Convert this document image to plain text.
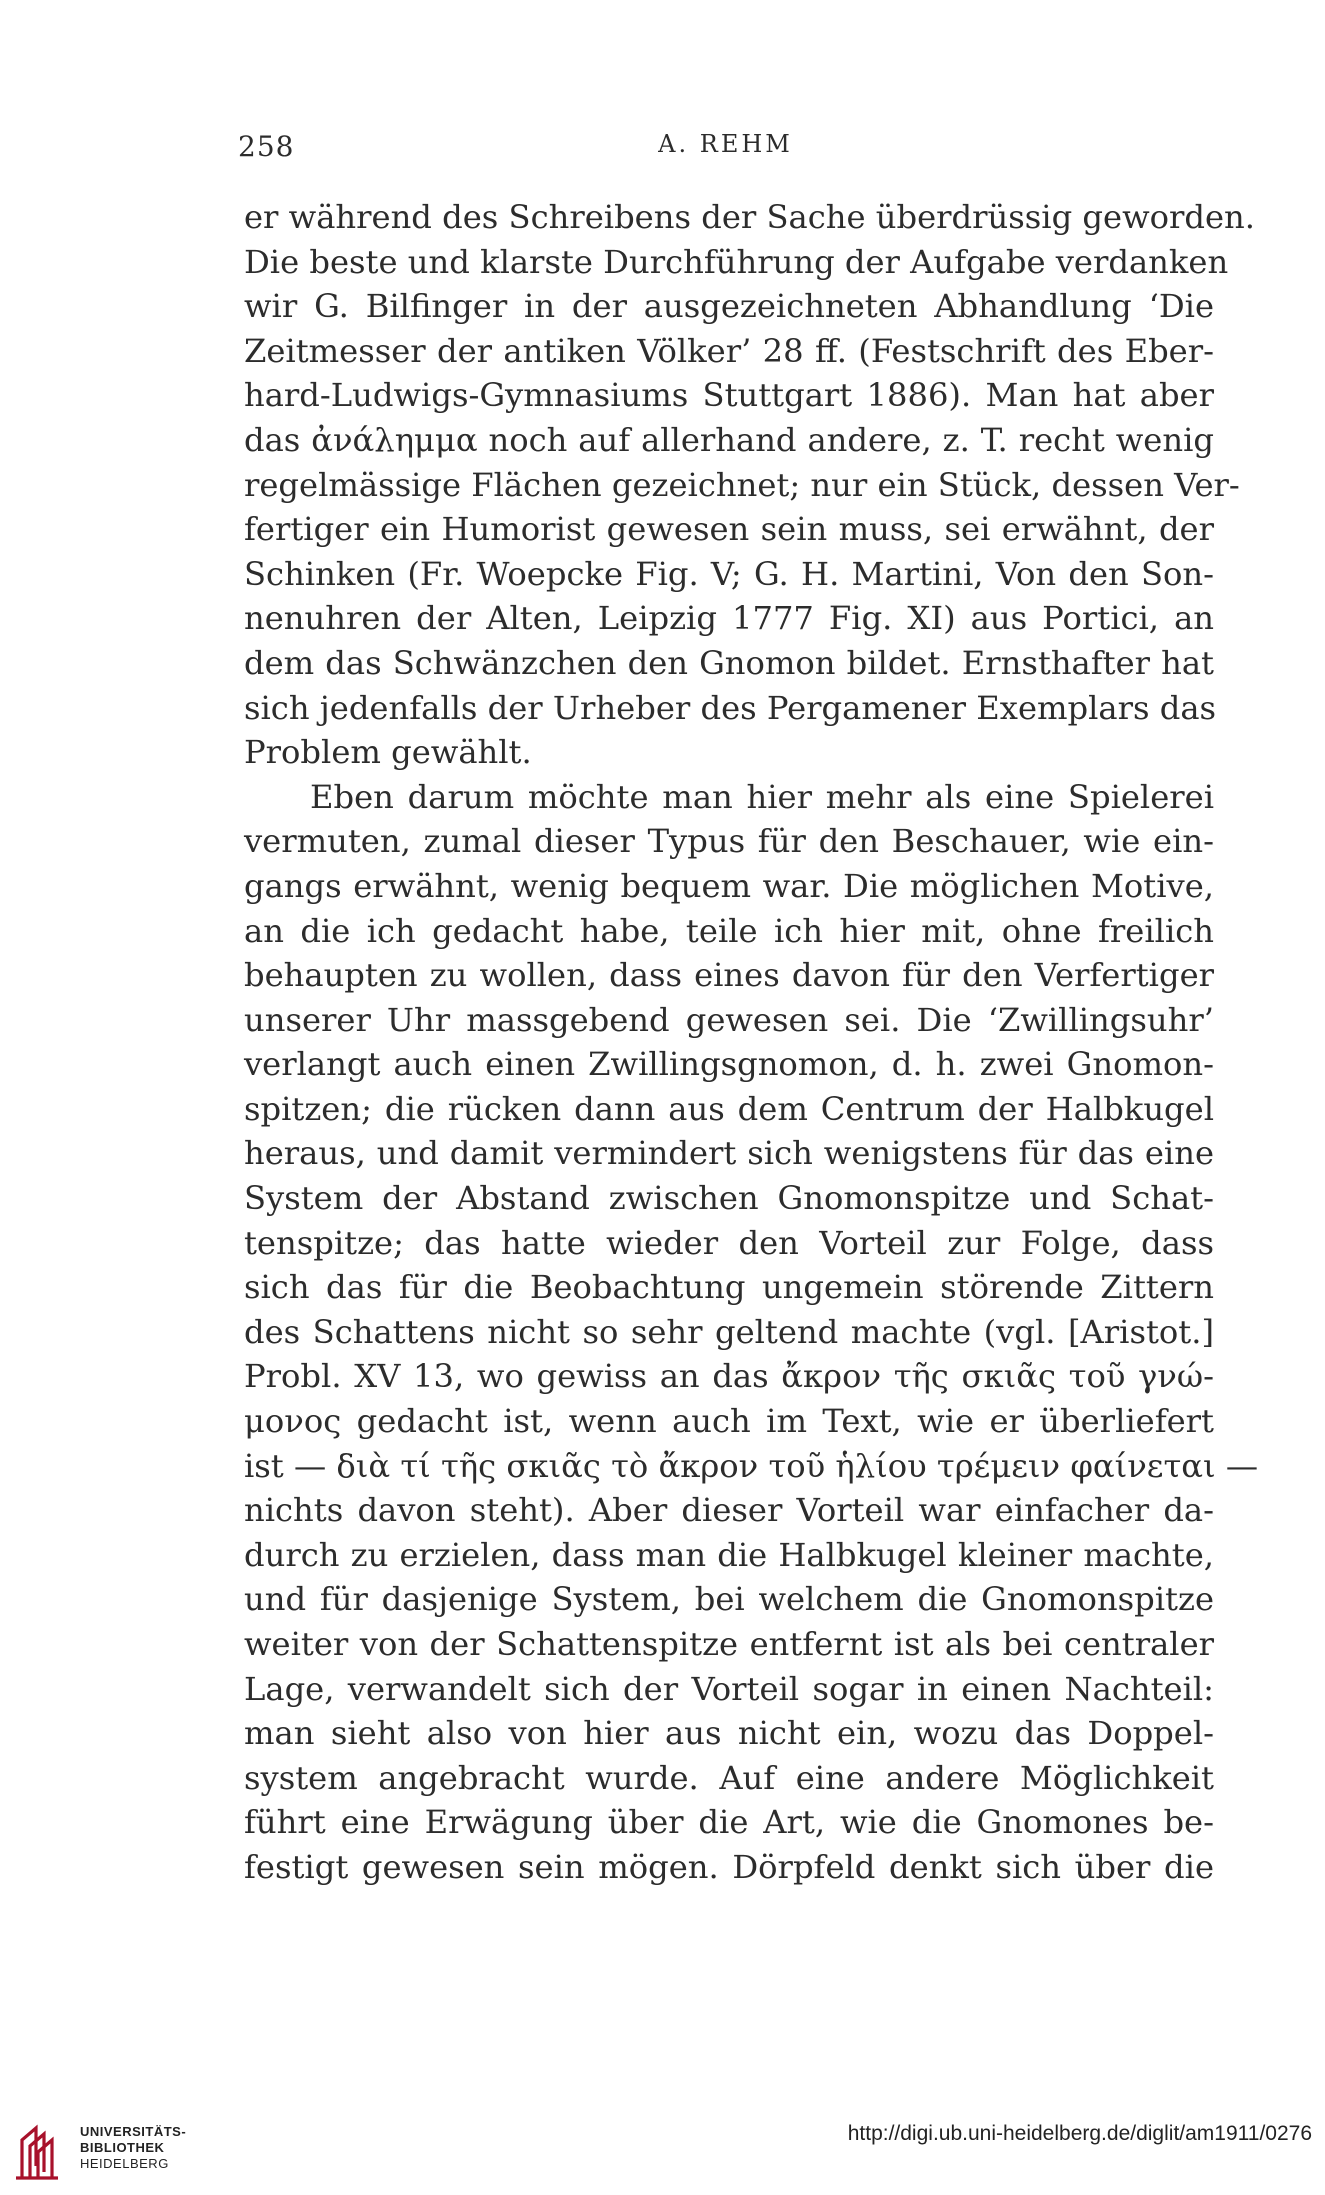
258	A. REHM
er während des Schreibens der Sache überdrüssig geworden.
Die beste und klarste Durchführung der Aufgabe verdanken
wir G. Bilfinger in der ausgezeichneten Abhandlung ‘Die
Zeitmesser der antiken Völker’ 28 ff. (Festschrift des Eber-
hard-Ludwigs-Gymnasiums Stuttgart 1886). Man hat aber
das ἀνάλημμα noch auf allerhand andere, z. T. recht wenig
regelmässige Flächen gezeichnet; nur ein Stück, dessen Ver-
fertiger ein Humorist gewesen sein muss, sei erwähnt, der
Schinken (Fr. Woepcke Fig. V; G. H. Martini, Von den Son-
nenuhren der Alten, Leipzig 1777 Fig. XI) aus Portici, an
dem das Schwänzchen den Gnomon bildet. Ernsthafter hat
sich jedenfalls der Urheber des Pergamener Exemplars das
Problem gewählt.
Eben darum möchte man hier mehr als eine Spielerei
vermuten, zumal dieser Typus für den Beschauer, wie ein-
gangs erwähnt, wenig bequem war. Die möglichen Motive,
an die ich gedacht habe, teile ich hier mit, ohne freilich
behaupten zu wollen, dass eines davon für den Verfertiger
unserer Uhr massgebend gewesen sei. Die ‘Zwillingsuhr’
verlangt auch einen Zwillingsgnomon, d. h. zwei Gnomon-
spitzen; die rücken dann aus dem Centrum der Halbkugel
heraus, und damit vermindert sich wenigstens für das eine
System der Abstand zwischen Gnomonspitze und Schat-
tenspitze; das hatte wieder den Vorteil zur Folge, dass
sich das für die Beobachtung ungemein störende Zittern
des Schattens nicht so sehr geltend machte (vgl. [Aristot.]
Probl. XV 13, wo gewiss an das ἄκρον τῆς σκιᾶς τοῦ γνώ-
μονος gedacht ist, wenn auch im Text, wie er überliefert
ist — διὰ τί τῆς σκιᾶς τὸ ἄκρον τοῦ ἡλίου τρέμειν φαίνεται —
nichts davon steht). Aber dieser Vorteil war einfacher da-
durch zu erzielen, dass man die Halbkugel kleiner machte,
und für dasjenige System, bei welchem die Gnomonspitze
weiter von der Schattenspitze entfernt ist als bei centraler
Lage, verwandelt sich der Vorteil sogar in einen Nachteil:
man sieht also von hier aus nicht ein, wozu das Doppel-
system angebracht wurde. Auf eine andere Möglichkeit
führt eine Erwägung über die Art, wie die Gnomones be-
festigt gewesen sein mögen. Dörpfeld denkt sich über die
UNIVERSITÄTS-
BIBLIOTHEK
HEIDELBERG
http://digi.ub.uni-heidelberg.de/diglit/am1911/0276
